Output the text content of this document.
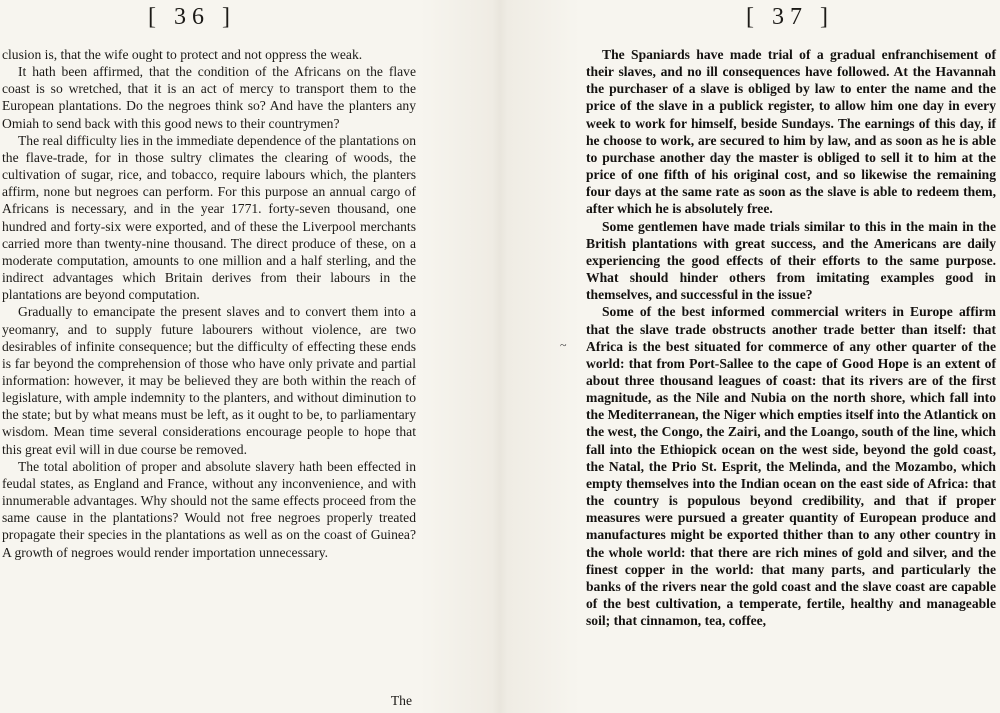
[ 36 ]

clusion is, that the wife ought to protect and not oppress the weak.

It hath been affirmed, that the condition of the Africans on the flave coast is so wretched, that it is an act of mercy to transport them to the European plantations. Do the negroes think so? And have the planters any Omiah to send back with this good news to their countrymen?

The real difficulty lies in the immediate dependence of the plantations on the flave-trade, for in those sultry climates the clearing of woods, the cultivation of sugar, rice, and tobacco, require labours which, the planters affirm, none but negroes can perform. For this purpose an annual cargo of Africans is necessary, and in the year 1771. forty-seven thousand, one hundred and forty-six were exported, and of these the Liverpool merchants carried more than twenty-nine thousand. The direct produce of these, on a moderate computation, amounts to one million and a half sterling, and the indirect advantages which Britain derives from their labours in the plantations are beyond computation.

Gradually to emancipate the present slaves and to convert them into a yeomanry, and to supply future labourers without violence, are two desirables of infinite consequence; but the difficulty of effecting these ends is far beyond the comprehension of those who have only private and partial information: however, it may be believed they are both within the reach of legislature, with ample indemnity to the planters, and without diminution to the state; but by what means must be left, as it ought to be, to parliamentary wisdom. Mean time several considerations encourage people to hope that this great evil will in due course be removed.

The total abolition of proper and absolute slavery hath been effected in feudal states, as England and France, without any inconvenience, and with innumerable advantages. Why should not the same effects proceed from the same cause in the plantations? Would not free negroes properly treated propagate their species in the plantations as well as on the coast of Guinea? A growth of negroes would render importation unnecessary.

The
~
[ 37 ]

The Spaniards have made trial of a gradual enfranchisement of their slaves, and no ill consequences have followed. At the Havannah the purchaser of a slave is obliged by law to enter the name and the price of the slave in a publick register, to allow him one day in every week to work for himself, beside Sundays. The earnings of this day, if he choose to work, are secured to him by law, and as soon as he is able to purchase another day the master is obliged to sell it to him at the price of one fifth of his original cost, and so likewise the remaining four days at the same rate as soon as the slave is able to redeem them, after which he is absolutely free.

Some gentlemen have made trials similar to this in the main in the British plantations with great success, and the Americans are daily experiencing the good effects of their efforts to the same purpose. What should hinder others from imitating examples good in themselves, and successful in the issue?

Some of the best informed commercial writers in Europe affirm that the slave trade obstructs another trade better than itself: that Africa is the best situated for commerce of any other quarter of the world: that from Port-Sallee to the cape of Good Hope is an extent of about three thousand leagues of coast: that its rivers are of the first magnitude, as the Nile and Nubia on the north shore, which fall into the Mediterranean, the Niger which empties itself into the Atlantick on the west, the Congo, the Zairi, and the Loango, south of the line, which fall into the Ethiopick ocean on the west side, beyond the gold coast, the Natal, the Prio St. Esprit, the Melinda, and the Mozambo, which empty themselves into the Indian ocean on the east side of Africa: that the country is populous beyond credibility, and that if proper measures were pursued a greater quantity of European produce and manufactures might be exported thither than to any other country in the whole world: that there are rich mines of gold and silver, and the finest copper in the world: that many parts, and particularly the banks of the rivers near the gold coast and the slave coast are capable of the best cultivation, a temperate, fertile, healthy and manageable soil; that cinnamon, tea, coffee,
